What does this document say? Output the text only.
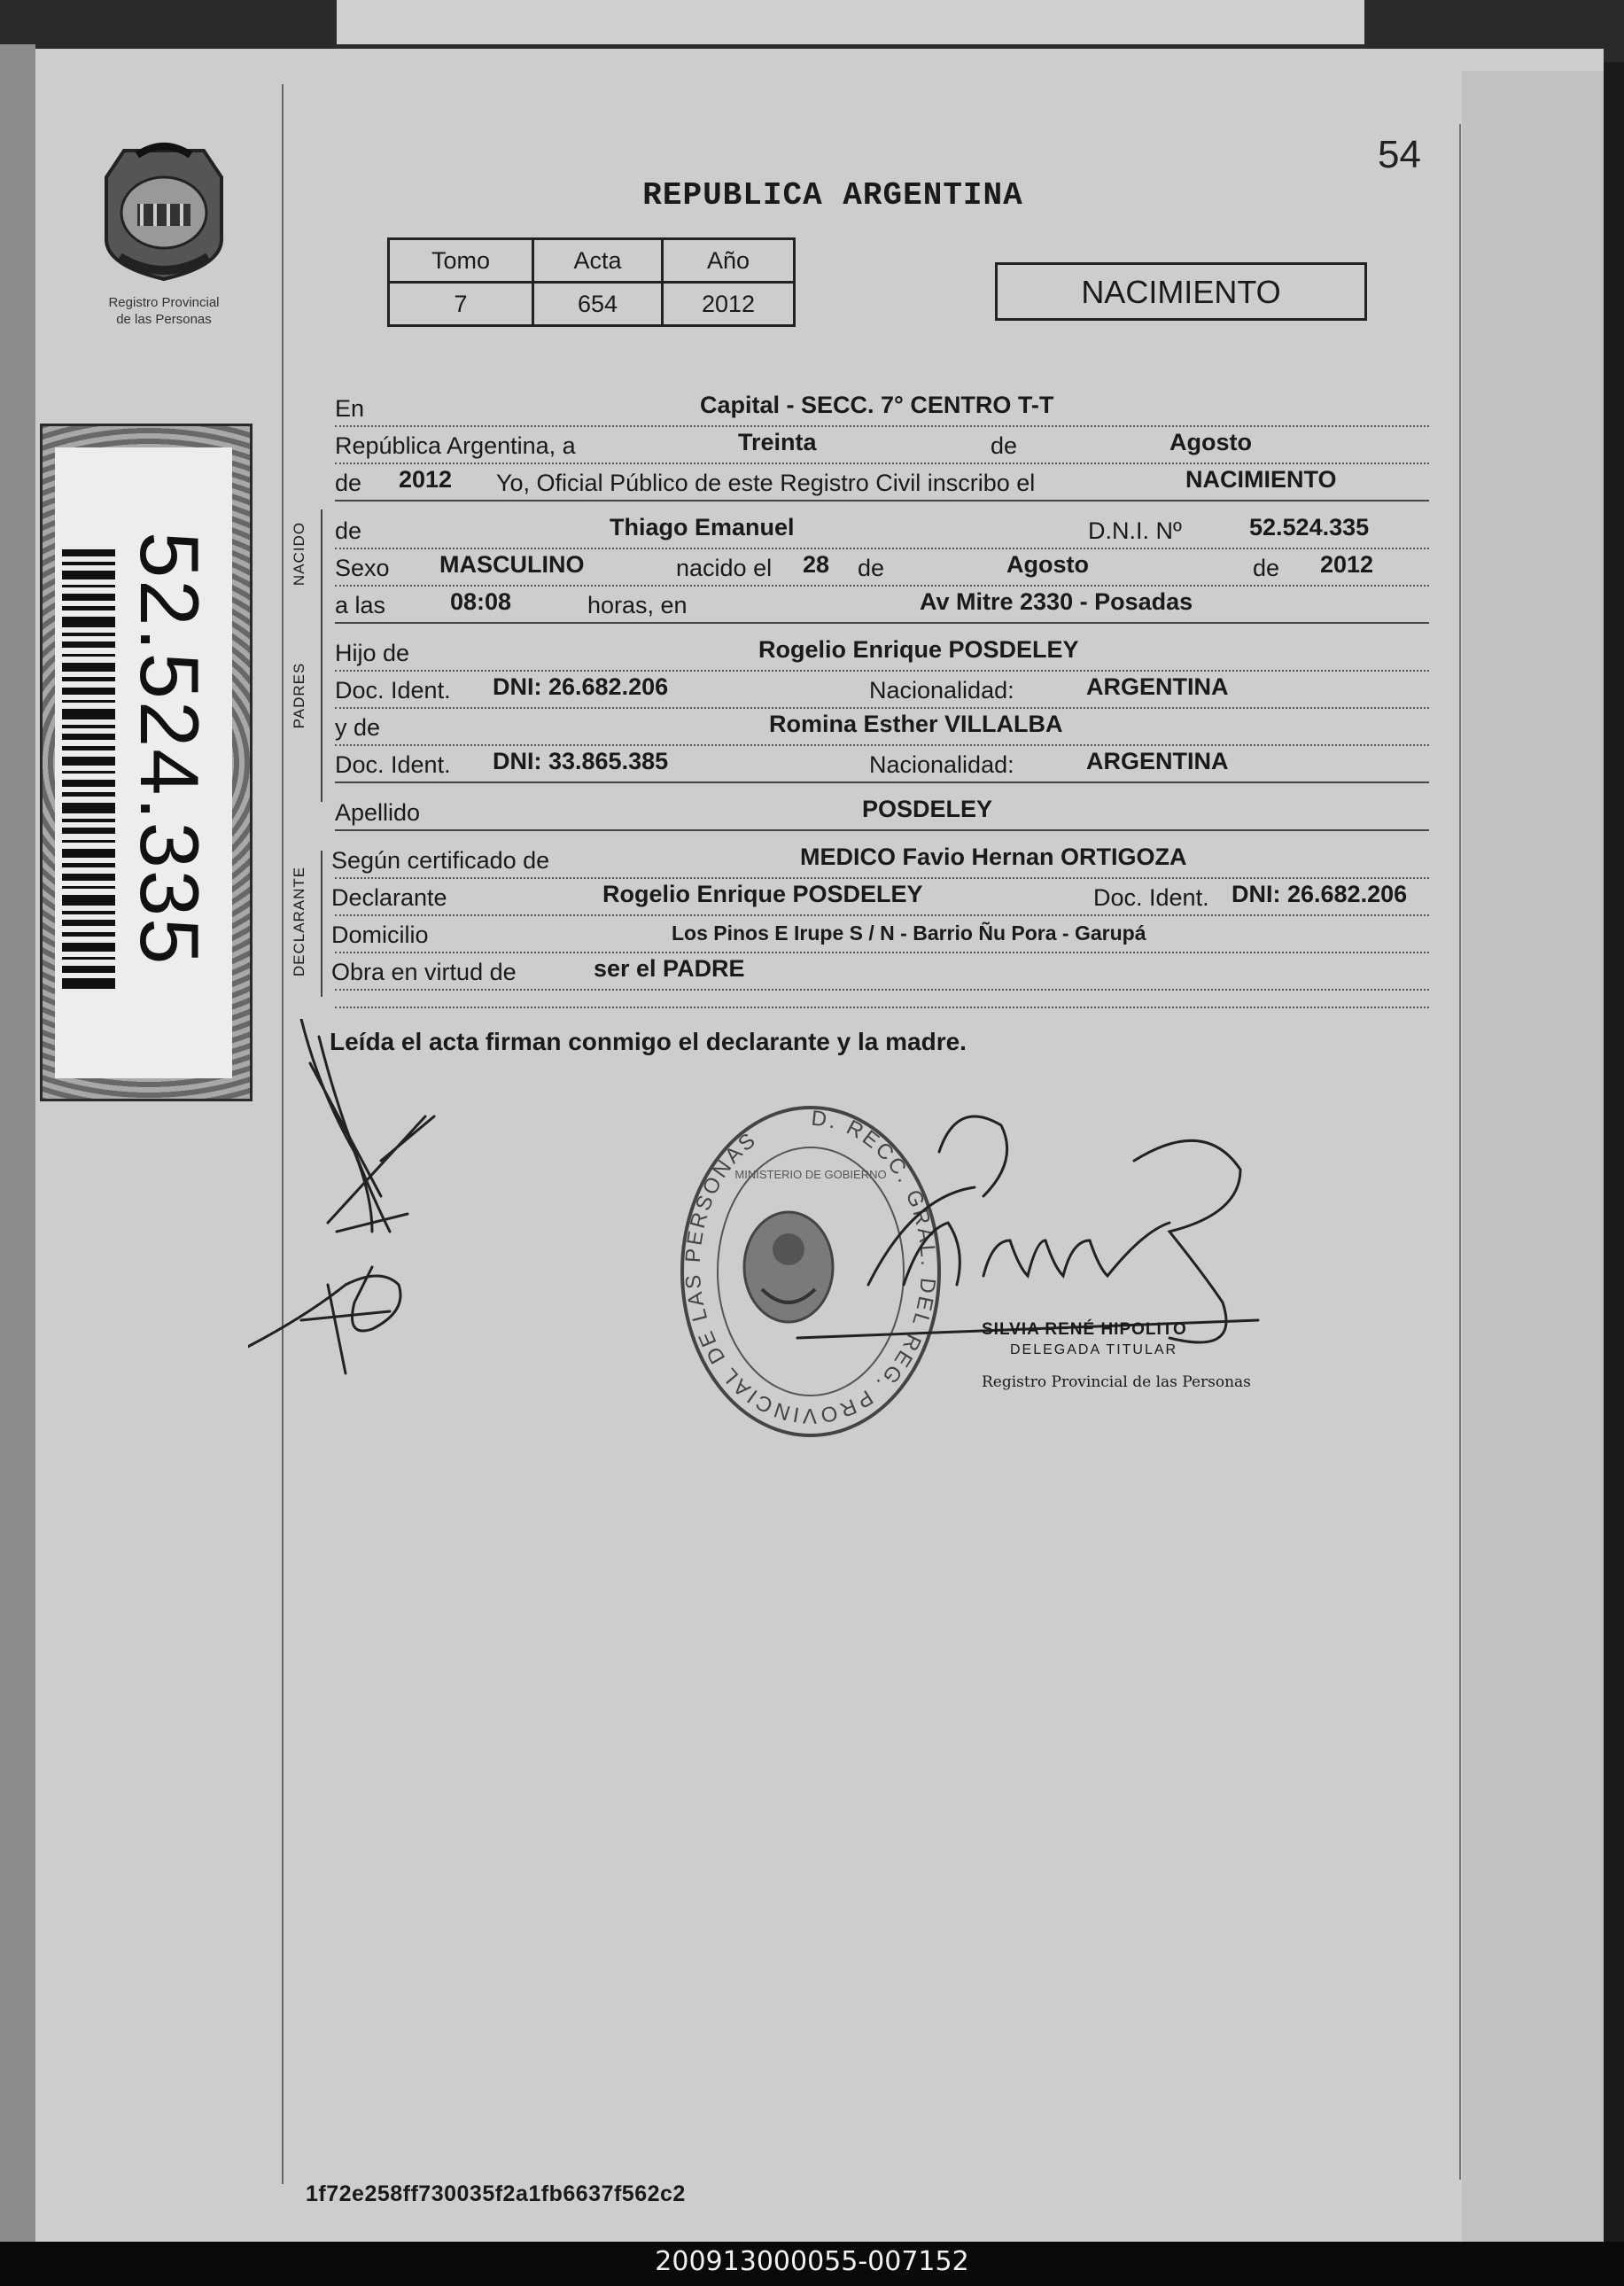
Registro Provincial
de las Personas
52.524.335
54
REPUBLICA ARGENTINA
Tomo	Acta	Año
7	654	2012	NACIMIENTO
NACIDO
PADRES
DECLARANTE
En	Capital - SECC. 7° CENTRO T-T
República Argentina, a	Treinta	de	Agosto
de 2012 Yo, Oficial Público de este Registro Civil inscribo el	NACIMIENTO
de	Thiago Emanuel	D.N.I. Nº	52.524.335
Sexo MASCULINO	nacido el 28 de	Agosto	de 2012
a las	08:08	horas, en	Av Mitre 2330 - Posadas
Hijo de	Rogelio Enrique POSDELEY
Doc. Ident. DNI: 26.682.206	Nacionalidad:	ARGENTINA
y de	Romina Esther VILLALBA
Doc. Ident. DNI: 33.865.385	Nacionalidad:	ARGENTINA
Apellido	POSDELEY
Según certificado de	MEDICO Favio Hernan ORTIGOZA
Declarante	Rogelio Enrique POSDELEY	Doc. Ident. DNI: 26.682.206
Domicilio	Los Pinos E Irupe S / N - Barrio Ñu Pora - Garupá
Obra en virtud de	ser el PADRE
Leída el acta firman conmigo el declarante y la madre.
D. RECC. GRAL. DEL REG. PROVINCIAL DE LAS PERSONAS
MINISTERIO DE GOBIERNO
SILVIA RENÉ HIPOLITO
DELEGADA TITULAR
Registro Provincial de las Personas
1f72e258ff730035f2a1fb6637f562c2
200913000055-007152
